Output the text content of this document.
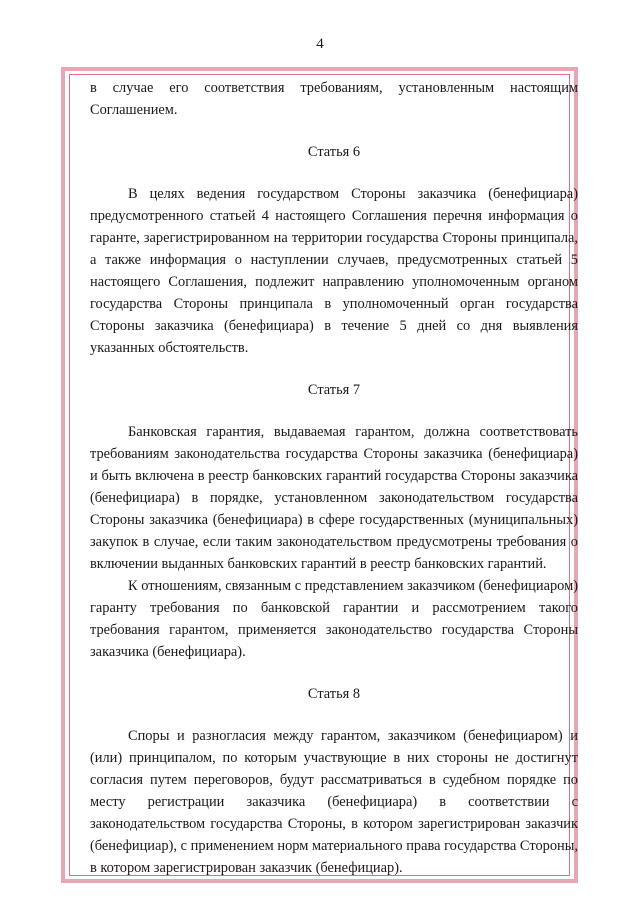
4

в случае его соответствия требованиям, установленным настоящим Соглашением.

Статья 6

В целях ведения государством Стороны заказчика (бенефициара) предусмотренного статьей 4 настоящего Соглашения перечня информация о гаранте, зарегистрированном на территории государства Стороны принципала, а также информация о наступлении случаев, предусмотренных статьей 5 настоящего Соглашения, подлежит направлению уполномоченным органом государства Стороны принципала в уполномоченный орган государства Стороны заказчика (бенефициара) в течение 5 дней со дня выявления указанных обстоятельств.

Статья 7

Банковская гарантия, выдаваемая гарантом, должна соответствовать требованиям законодательства государства Стороны заказчика (бенефициара) и быть включена в реестр банковских гарантий государства Стороны заказчика (бенефициара) в порядке, установленном законодательством государства Стороны заказчика (бенефициара) в сфере государственных (муниципальных) закупок в случае, если таким законодательством предусмотрены требования о включении выданных банковских гарантий в реестр банковских гарантий.

К отношениям, связанным с представлением заказчиком (бенефициаром) гаранту требования по банковской гарантии и рассмотрением такого требования гарантом, применяется законодательство государства Стороны заказчика (бенефициара).

Статья 8

Споры и разногласия между гарантом, заказчиком (бенефициаром) и (или) принципалом, по которым участвующие в них стороны не достигнут согласия путем переговоров, будут рассматриваться в судебном порядке по месту регистрации заказчика (бенефициара) в соответствии с законодательством государства Стороны, в котором зарегистрирован заказчик (бенефициар), с применением норм материального права государства Стороны, в котором зарегистрирован заказчик (бенефициар).
